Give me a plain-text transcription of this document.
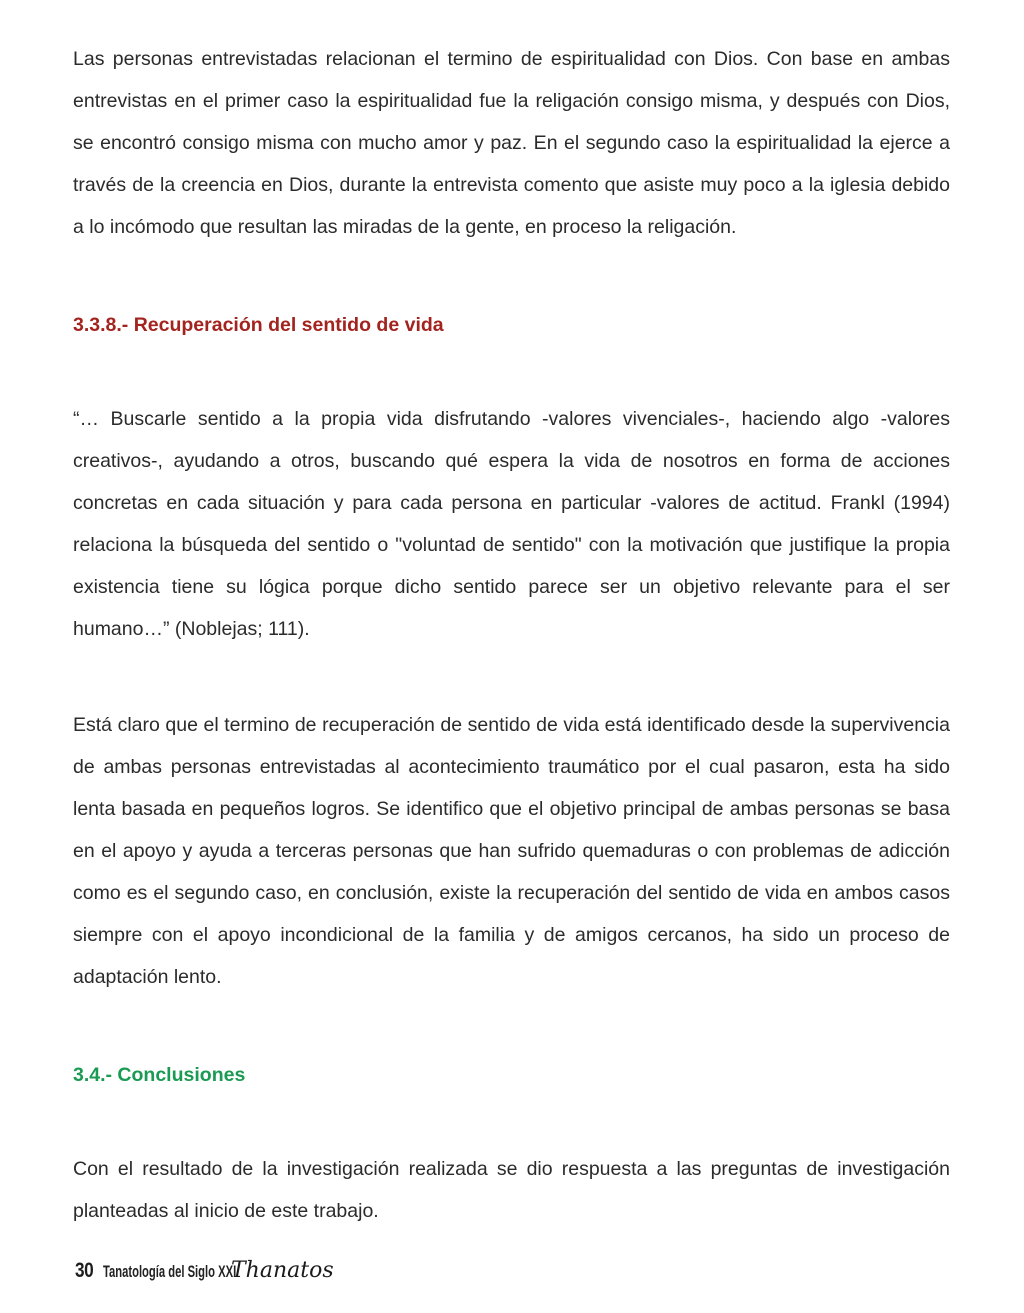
Las personas entrevistadas relacionan el termino de espiritualidad con Dios. Con base en ambas entrevistas en el primer caso la espiritualidad fue la religación consigo misma, y después con Dios, se encontró consigo misma con mucho amor y paz. En el segundo caso la espiritualidad la ejerce a través de la creencia en Dios, durante la entrevista comento que asiste muy poco a la iglesia debido a lo incómodo que resultan las miradas de la gente, en proceso la religación.

3.3.8.- Recuperación del sentido de vida

“… Buscarle sentido a la propia vida disfrutando -valores vivenciales-, haciendo algo -valores creativos-, ayudando a otros, buscando qué espera la vida de nosotros en forma de acciones concretas en cada situación y para cada persona en particular -valores de actitud. Frankl (1994) relaciona la búsqueda del sentido o "voluntad de sentido" con la motivación que justifique la propia existencia tiene su lógica porque dicho sentido parece ser un objetivo relevante para el ser humano…” (Noblejas; 111).

Está claro que el termino de recuperación de sentido de vida está identificado desde la supervivencia de ambas personas entrevistadas al acontecimiento traumático por el cual pasaron, esta ha sido lenta basada en pequeños logros. Se identifico que el objetivo principal de ambas personas se basa en el apoyo y ayuda a terceras personas que han sufrido quemaduras o con problemas de adicción como es el segundo caso, en conclusión, existe la recuperación del sentido de vida en ambos casos siempre con el apoyo incondicional de la familia y de amigos cercanos, ha sido un proceso de adaptación lento.

3.4.- Conclusiones

Con el resultado de la investigación realizada se dio respuesta a las preguntas de investigación planteadas al inicio de este trabajo.

30 Tanatología del Siglo XXI
Thanatos
